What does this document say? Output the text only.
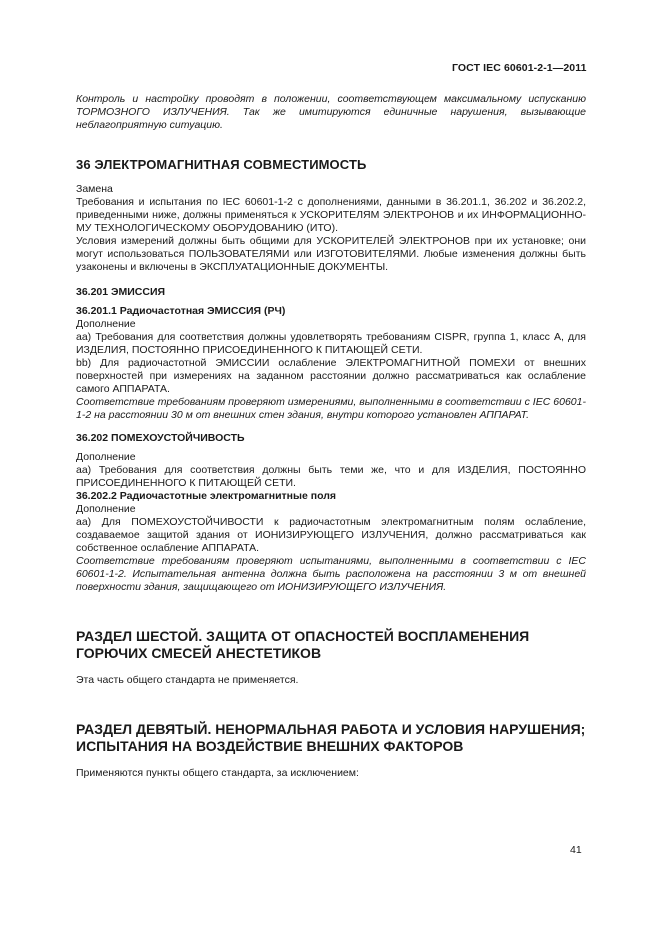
ГОСТ IEC 60601-2-1—2011

Контроль и настройку проводят в положении, соответствующем максимальному испусканию ТОРМОЗНОГО ИЗЛУЧЕНИЯ. Так же имитируются единичные нарушения, вызывающие неблагоприятную ситуацию.

36 ЭЛЕКТРОМАГНИТНАЯ СОВМЕСТИМОСТЬ

Замена

Требования и испытания по IEC 60601-1-2 с дополнениями, данными в 36.201.1, 36.202 и 36.202.2, приведенными ниже, должны применяться к УСКОРИТЕЛЯМ ЭЛЕКТРОНОВ и их ИНФОРМАЦИОННО-МУ ТЕХНОЛОГИЧЕСКОМУ ОБОРУДОВАНИЮ (ИТО).

Условия измерений должны быть общими для УСКОРИТЕЛЕЙ ЭЛЕКТРОНОВ при их установке; они могут использоваться ПОЛЬЗОВАТЕЛЯМИ или ИЗГОТОВИТЕЛЯМИ. Любые изменения должны быть узаконены и включены в ЭКСПЛУАТАЦИОННЫЕ ДОКУМЕНТЫ.

36.201 ЭМИССИЯ
36.201.1 Радиочастотная ЭМИССИЯ (РЧ)

Дополнение

аа) Требования для соответствия должны удовлетворять требованиям CISPR, группа 1, класс А, для ИЗДЕЛИЯ, ПОСТОЯННО ПРИСОЕДИНЕННОГО К ПИТАЮЩЕЙ СЕТИ.

bb) Для радиочастотной ЭМИССИИ ослабление ЭЛЕКТРОМАГНИТНОЙ ПОМЕХИ от внешних поверхностей при измерениях на заданном расстоянии должно рассматриваться как ослабление самого АППАРАТА.

Соответствие требованиям проверяют измерениями, выполненными в соответствии с IEC 60601-1-2 на расстоянии 30 м от внешних стен здания, внутри которого установлен АППАРАТ.

36.202 ПОМЕХОУСТОЙЧИВОСТЬ

Дополнение

аа) Требования для соответствия должны быть теми же, что и для ИЗДЕЛИЯ, ПОСТОЯННО ПРИСОЕДИНЕННОГО К ПИТАЮЩЕЙ СЕТИ.

36.202.2 Радиочастотные электромагнитные поля

Дополнение

аа) Для ПОМЕХОУСТОЙЧИВОСТИ к радиочастотным электромагнитным полям ослабление, создаваемое защитой здания от ИОНИЗИРУЮЩЕГО ИЗЛУЧЕНИЯ, должно рассматриваться как собственное ослабление АППАРАТА.

Соответствие требованиям проверяют испытаниями, выполненными в соответствии с IEC 60601-1-2. Испытательная антенна должна быть расположена на расстоянии 3 м от внешней поверхности здания, защищающего от ИОНИЗИРУЮЩЕГО ИЗЛУЧЕНИЯ.

РАЗДЕЛ ШЕСТОЙ. ЗАЩИТА ОТ ОПАСНОСТЕЙ ВОСПЛАМЕНЕНИЯ ГОРЮЧИХ СМЕСЕЙ АНЕСТЕТИКОВ

Эта часть общего стандарта не применяется.

РАЗДЕЛ ДЕВЯТЫЙ. НЕНОРМАЛЬНАЯ РАБОТА И УСЛОВИЯ НАРУШЕНИЯ; ИСПЫТАНИЯ НА ВОЗДЕЙСТВИЕ ВНЕШНИХ ФАКТОРОВ

Применяются пункты общего стандарта, за исключением:

41
